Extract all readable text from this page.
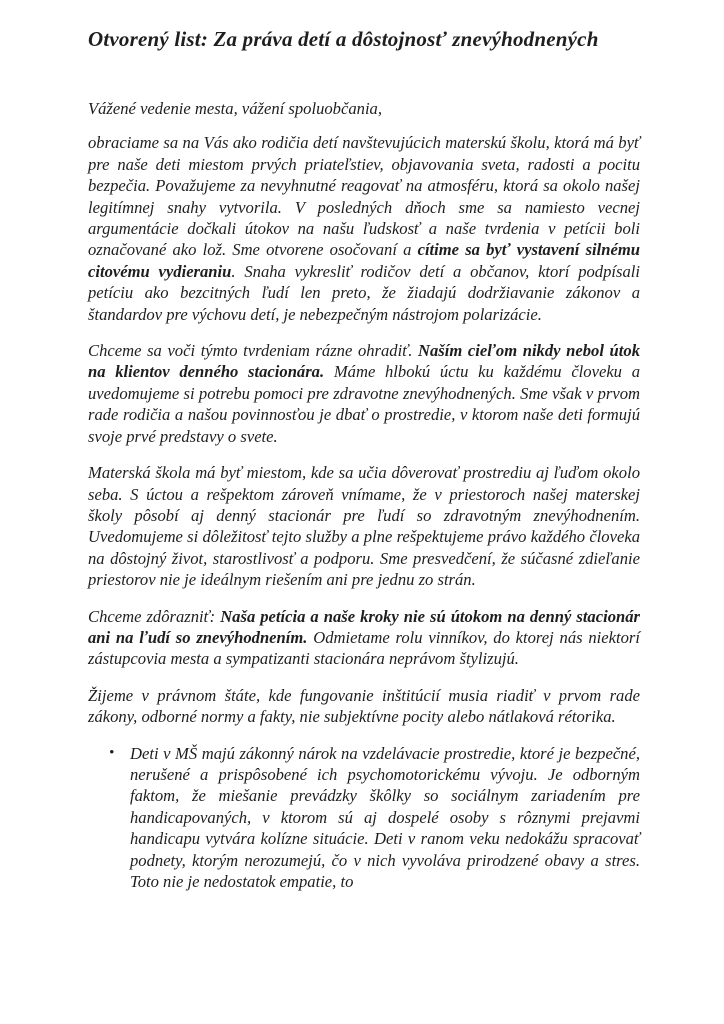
Otvorený list: Za práva detí a dôstojnosť znevýhodnených

Vážené vedenie mesta, vážení spoluobčania,

obraciame sa na Vás ako rodičia detí navštevujúcich materskú školu, ktorá má byť pre naše deti miestom prvých priateľstiev, objavovania sveta, radosti a pocitu bezpečia. Považujeme za nevyhnutné reagovať na atmosféru, ktorá sa okolo našej legitímnej snahy vytvorila. V posledných dňoch sme sa namiesto vecnej argumentácie dočkali útokov na našu ľudskosť a naše tvrdenia v petícii boli označované ako lož. Sme otvorene osočovaní a cítime sa byť vystavení silnému citovému vydieraniu. Snaha vykresliť rodičov detí a občanov, ktorí podpísali petíciu ako bezcitných ľudí len preto, že žiadajú dodržiavanie zákonov a štandardov pre výchovu detí, je nebezpečným nástrojom polarizácie.

Chceme sa voči týmto tvrdeniam rázne ohradiť. Naším cieľom nikdy nebol útok na klientov denného stacionára. Máme hlbokú úctu ku každému človeku a uvedomujeme si potrebu pomoci pre zdravotne znevýhodnených. Sme však v prvom rade rodičia a našou povinnosťou je dbať o prostredie, v ktorom naše deti formujú svoje prvé predstavy o svete.

Materská škola má byť miestom, kde sa učia dôverovať prostrediu aj ľuďom okolo seba. S úctou a rešpektom zároveň vnímame, že v priestoroch našej materskej školy pôsobí aj denný stacionár pre ľudí so zdravotným znevýhodnením. Uvedomujeme si dôležitosť tejto služby a plne rešpektujeme právo každého človeka na dôstojný život, starostlivosť a podporu. Sme presvedčení, že súčasné zdieľanie priestorov nie je ideálnym riešením ani pre jednu zo strán.

Chceme zdôrazniť: Naša petícia a naše kroky nie sú útokom na denný stacionár ani na ľudí so znevýhodnením. Odmietame rolu vinníkov, do ktorej nás niektorí zástupcovia mesta a sympatizanti stacionára neprávom štylizujú.

Žijeme v právnom štáte, kde fungovanie inštitúcií musia riadiť v prvom rade zákony, odborné normy a fakty, nie subjektívne pocity alebo nátlaková rétorika.

• Deti v MŠ majú zákonný nárok na vzdelávacie prostredie, ktoré je bezpečné, nerušené a prispôsobené ich psychomotorickému vývoju. Je odborným faktom, že miešanie prevádzky škôlky so sociálnym zariadením pre handicapovaných, v ktorom sú aj dospelé osoby s rôznymi prejavmi handicapu vytvára kolízne situácie. Deti v ranom veku nedokážu spracovať podnety, ktorým nerozumejú, čo v nich vyvoláva prirodzené obavy a stres. Toto nie je nedostatok empatie, to
